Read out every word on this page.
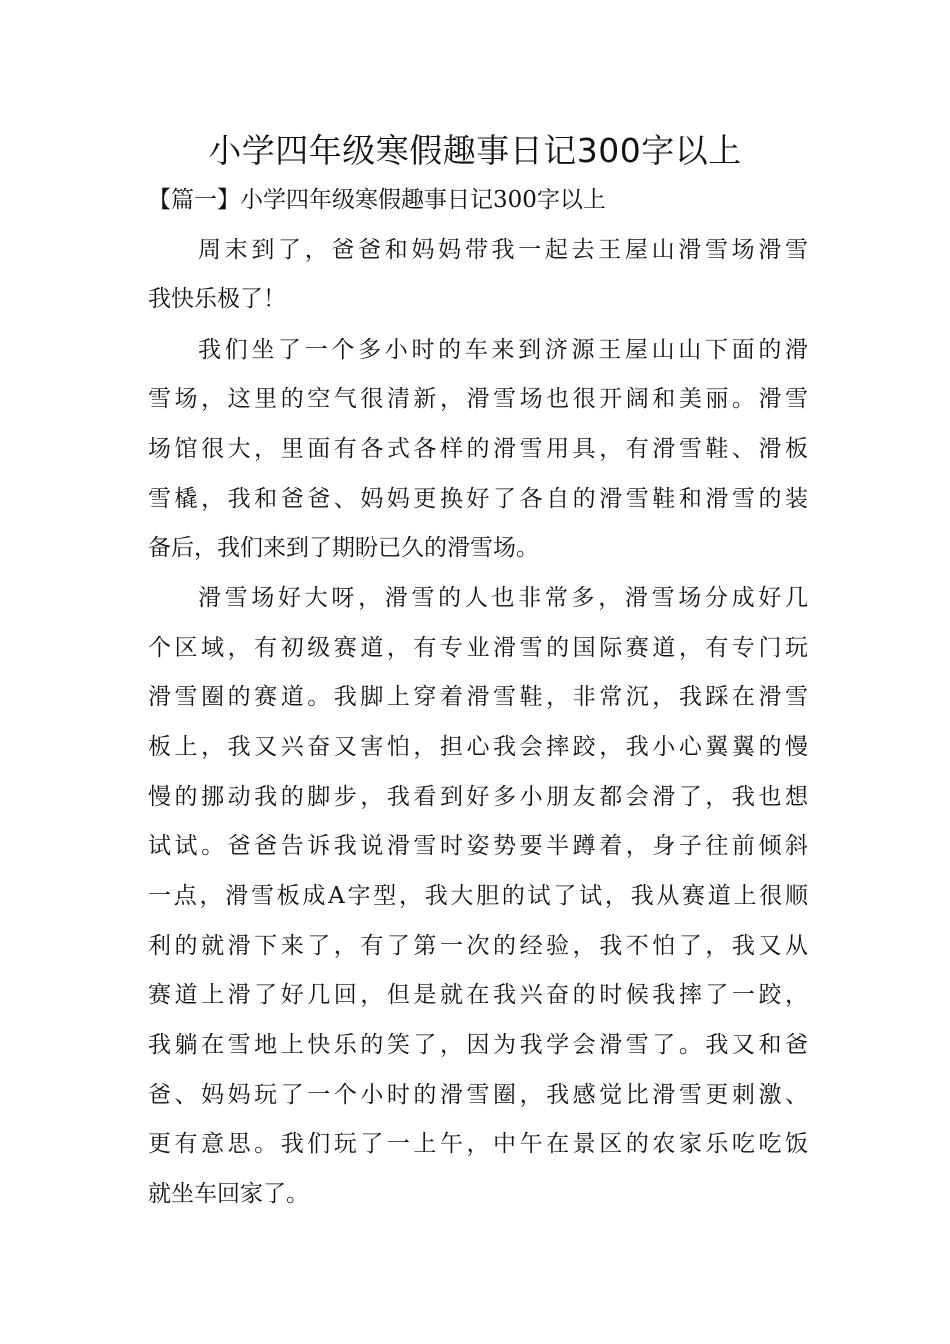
小学四年级寒假趣事日记300字以上
【篇一】小学四年级寒假趣事日记300字以上
周末到了，爸爸和妈妈带我一起去王屋山滑雪场滑雪
我快乐极了！
我们坐了一个多小时的车来到济源王屋山山下面的滑
雪场，这里的空气很清新，滑雪场也很开阔和美丽。滑雪
场馆很大，里面有各式各样的滑雪用具，有滑雪鞋、滑板
雪橇，我和爸爸、妈妈更换好了各自的滑雪鞋和滑雪的装
备后，我们来到了期盼已久的滑雪场。
滑雪场好大呀，滑雪的人也非常多，滑雪场分成好几
个区域，有初级赛道，有专业滑雪的国际赛道，有专门玩
滑雪圈的赛道。我脚上穿着滑雪鞋，非常沉，我踩在滑雪
板上，我又兴奋又害怕，担心我会摔跤，我小心翼翼的慢
慢的挪动我的脚步，我看到好多小朋友都会滑了，我也想
试试。爸爸告诉我说滑雪时姿势要半蹲着，身子往前倾斜
一点，滑雪板成A字型，我大胆的试了试，我从赛道上很顺
利的就滑下来了，有了第一次的经验，我不怕了，我又从
赛道上滑了好几回，但是就在我兴奋的时候我摔了一跤，
我躺在雪地上快乐的笑了，因为我学会滑雪了。我又和爸
爸、妈妈玩了一个小时的滑雪圈，我感觉比滑雪更刺激、
更有意思。我们玩了一上午，中午在景区的农家乐吃吃饭
就坐车回家了。
